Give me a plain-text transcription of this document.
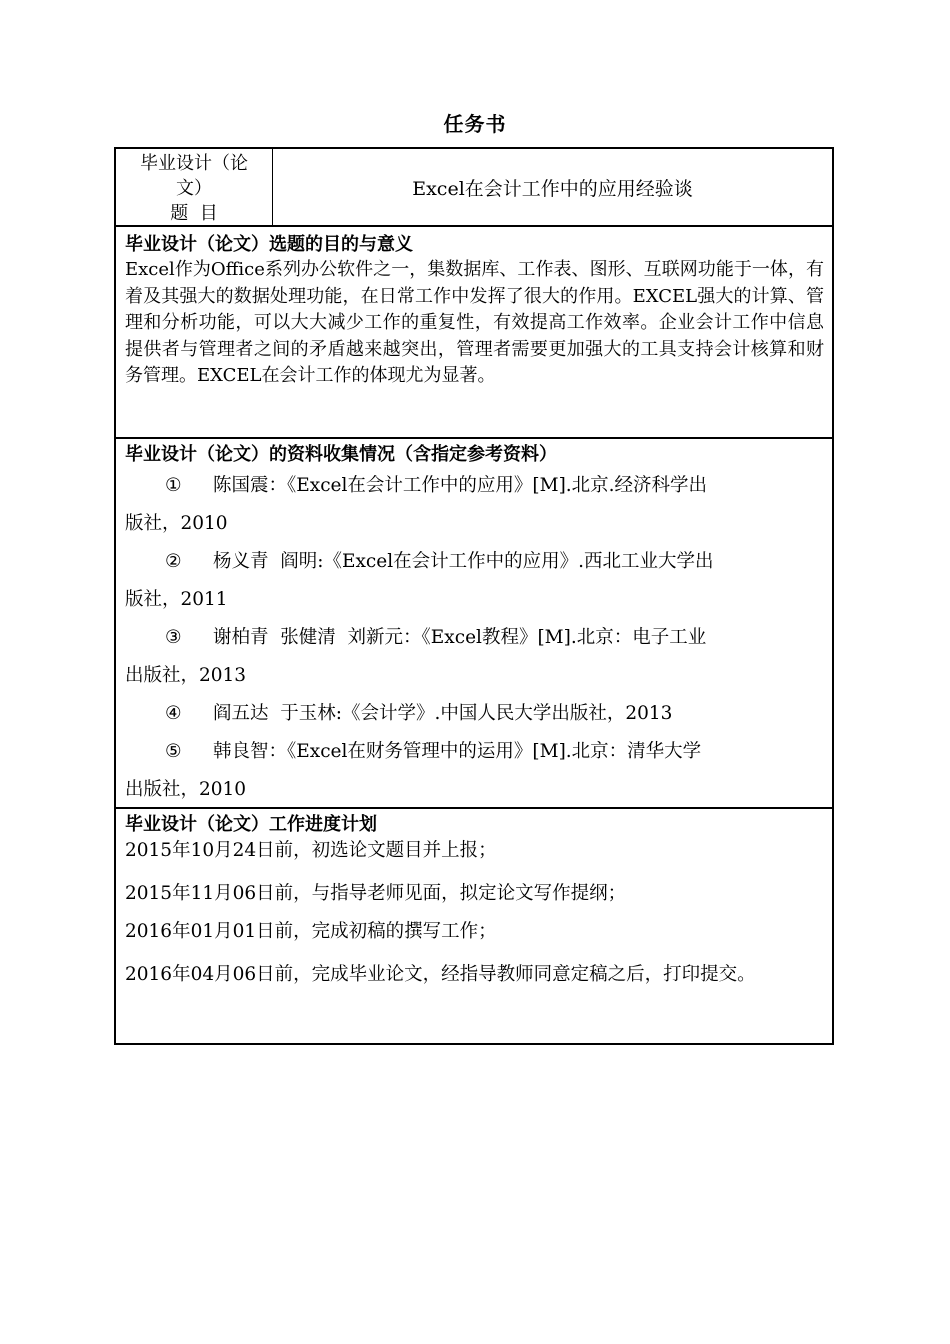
任务书
毕业设计（论
文）
题  目
Excel在会计工作中的应用经验谈
毕业设计（论文）选题的目的与意义
Excel作为Office系列办公软件之一，集数据库、工作表、图形、互联网功能于一体，有着及其强大的数据处理功能，在日常工作中发挥了很大的作用。EXCEL强大的计算、管理和分析功能，可以大大减少工作的重复性，有效提高工作效率。企业会计工作中信息提供者与管理者之间的矛盾越来越突出，管理者需要更加强大的工具支持会计核算和财务管理。EXCEL在会计工作的体现尤为显著。
毕业设计（论文）的资料收集情况（含指定参考资料）
① 陈国震：《Excel在会计工作中的应用》[M].北京.经济科学出
版社，2010
② 杨义青  阎明:《Excel在会计工作中的应用》.西北工业大学出
版社，2011
③ 谢柏青  张健清  刘新元：《Excel教程》[M].北京：电子工业
出版社，2013
④ 阎五达  于玉林:《会计学》.中国人民大学出版社，2013
⑤ 韩良智：《Excel在财务管理中的运用》[M].北京：清华大学
出版社，2010
毕业设计（论文）工作进度计划
2015年10月24日前，初选论文题目并上报；
2015年11月06日前，与指导老师见面，拟定论文写作提纲；
2016年01月01日前，完成初稿的撰写工作；
2016年04月06日前，完成毕业论文，经指导教师同意定稿之后，打印提交。
